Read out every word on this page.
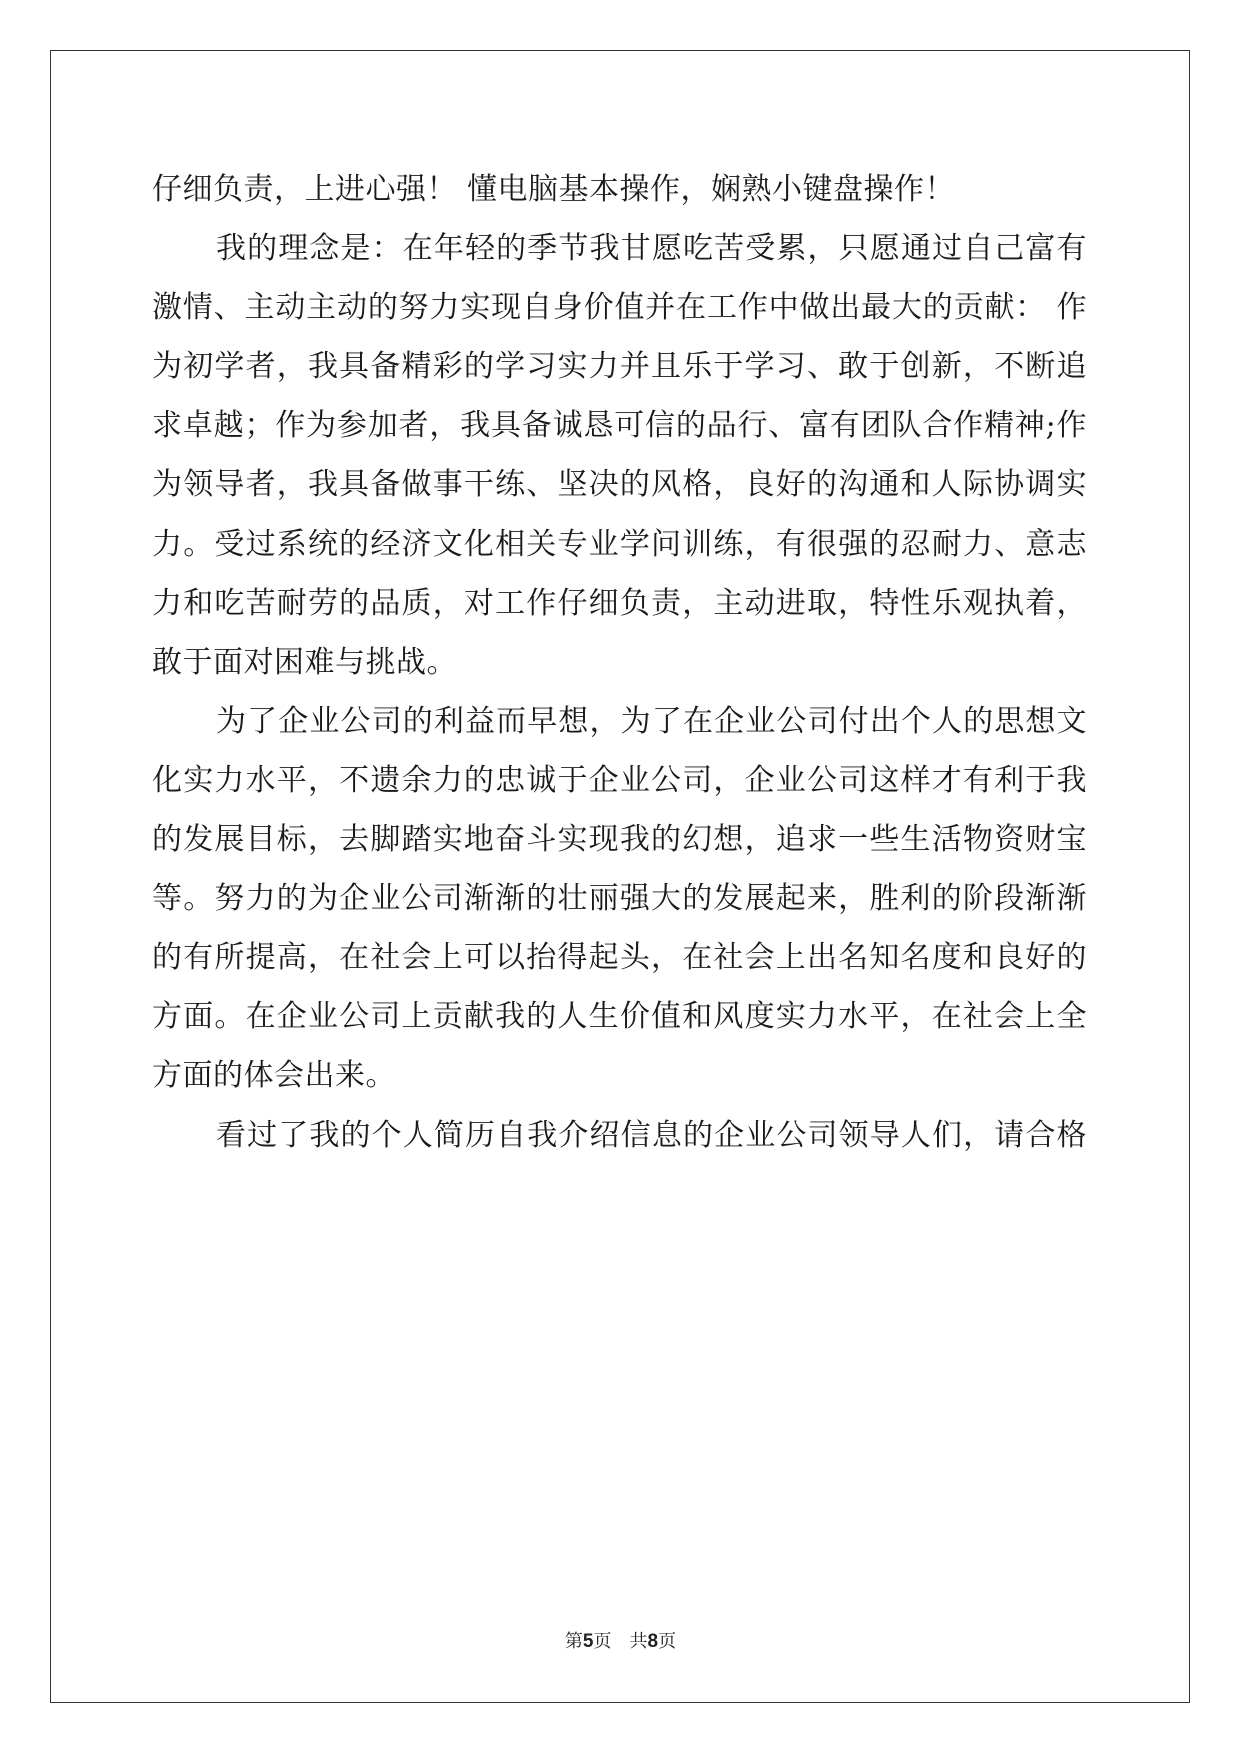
仔细负责，上进心强！ 懂电脑基本操作，娴熟小键盘操作！
我的理念是：在年轻的季节我甘愿吃苦受累，只愿通过自己富有
激情、主动主动的努力实现自身价值并在工作中做出最大的贡献： 作
为初学者，我具备精彩的学习实力并且乐于学习、敢于创新，不断追
求卓越；作为参加者，我具备诚恳可信的品行、富有团队合作精神;作
为领导者，我具备做事干练、坚决的风格，良好的沟通和人际协调实
力。受过系统的经济文化相关专业学问训练，有很强的忍耐力、意志
力和吃苦耐劳的品质，对工作仔细负责，主动进取，特性乐观执着，
敢于面对困难与挑战。
为了企业公司的利益而早想，为了在企业公司付出个人的思想文
化实力水平，不遗余力的忠诚于企业公司，企业公司这样才有利于我
的发展目标，去脚踏实地奋斗实现我的幻想，追求一些生活物资财宝
等。努力的为企业公司渐渐的壮丽强大的发展起来，胜利的阶段渐渐
的有所提高，在社会上可以抬得起头，在社会上出名知名度和良好的
方面。在企业公司上贡献我的人生价值和风度实力水平，在社会上全
方面的体会出来。
看过了我的个人简历自我介绍信息的企业公司领导人们，请合格
第5页 共8页
